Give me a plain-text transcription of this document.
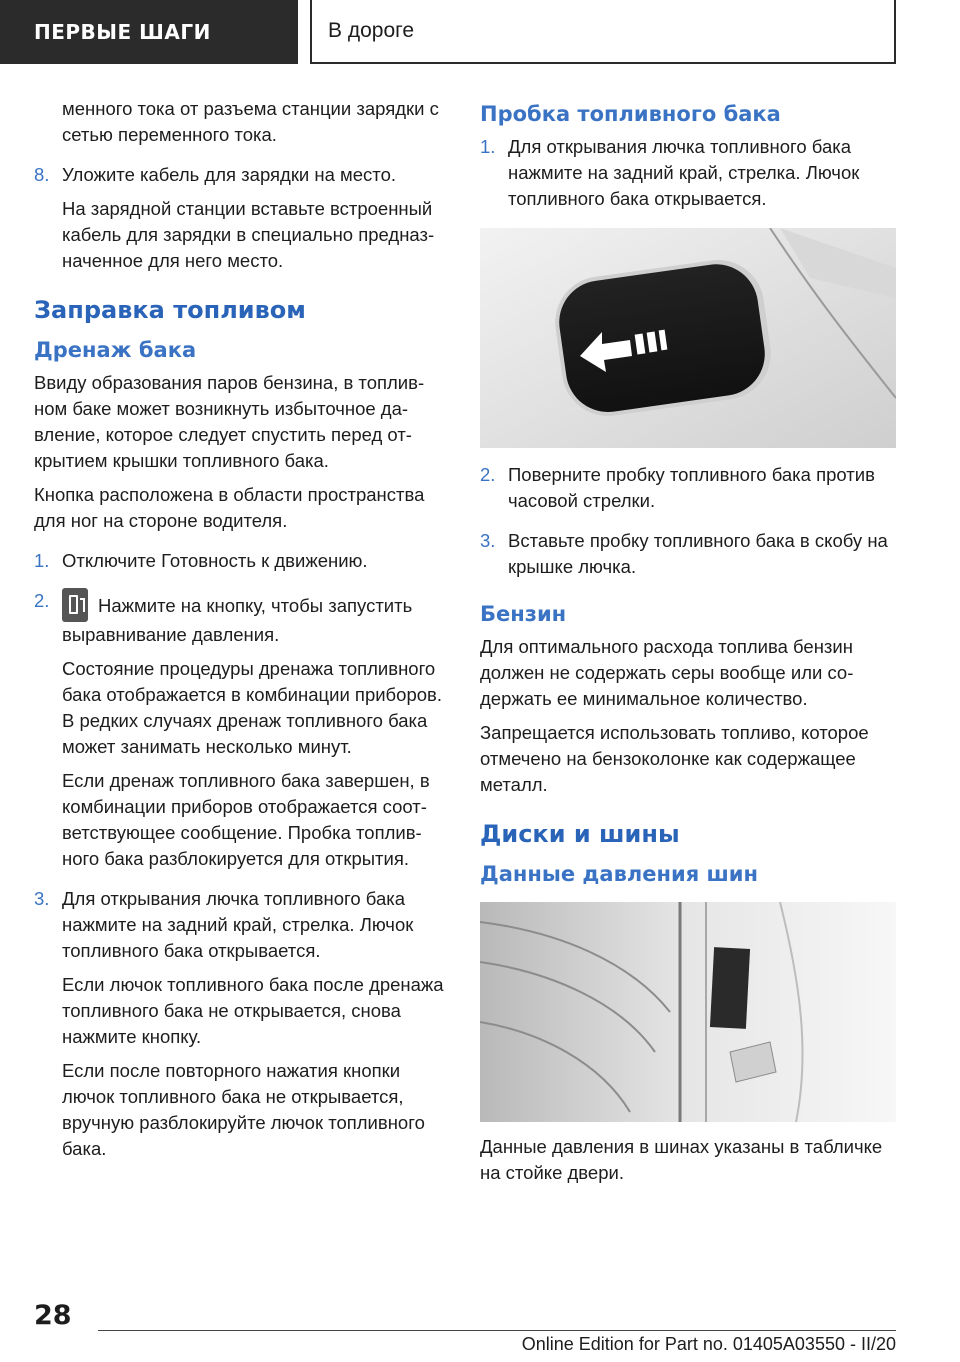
ПЕРВЫЕ ШАГИ	В дороге

менного тока от разъема станции зарядки с сетью переменного тока.

8. Уложите кабель для зарядки на место.

На зарядной станции вставьте встроенный кабель для зарядки в специально предназначенное для него место.

Заправка топливом
Дренаж бака

Ввиду образования паров бензина, в топливном баке может возникнуть избыточное давление, которое следует спустить перед открытием крышки топливного бака.

Кнопка расположена в области пространства для ног на стороне водителя.

1. Отключите Готовность к движению.

2.	Нажмите на кнопку, чтобы запустить выравнивание давления.

Состояние процедуры дренажа топливного бака отображается в комбинации приборов. В редких случаях дренаж топливного бака может занимать несколько минут.

Если дренаж топливного бака завершен, в комбинации приборов отображается соответствующее сообщение. Пробка топливного бака разблокируется для открытия.

3. Для открывания лючка топливного бака нажмите на задний край, стрелка. Лючок топливного бака открывается.

Если лючок топливного бака после дренажа топливного бака не открывается, снова нажмите кнопку.

Если после повторного нажатия кнопки лючок топливного бака не открывается, вручную разблокируйте лючок топливного бака.

Пробка топливного бака
1. Для открывания лючка топливного бака нажмите на задний край, стрелка. Лючок топливного бака открывается.

2. Поверните пробку топливного бака против часовой стрелки.

3. Вставьте пробку топливного бака в скобу на крышке лючка.

Бензин

Для оптимального расхода топлива бензин должен не содержать серы вообще или содержать ее минимальное количество.

Запрещается использовать топливо, которое отмечено на бензоколонке как содержащее металл.

Диски и шины
Данные давления шин

Данные давления в шинах указаны в табличке на стойке двери.

28
Online Edition for Part no. 01405A03550 - II/20
